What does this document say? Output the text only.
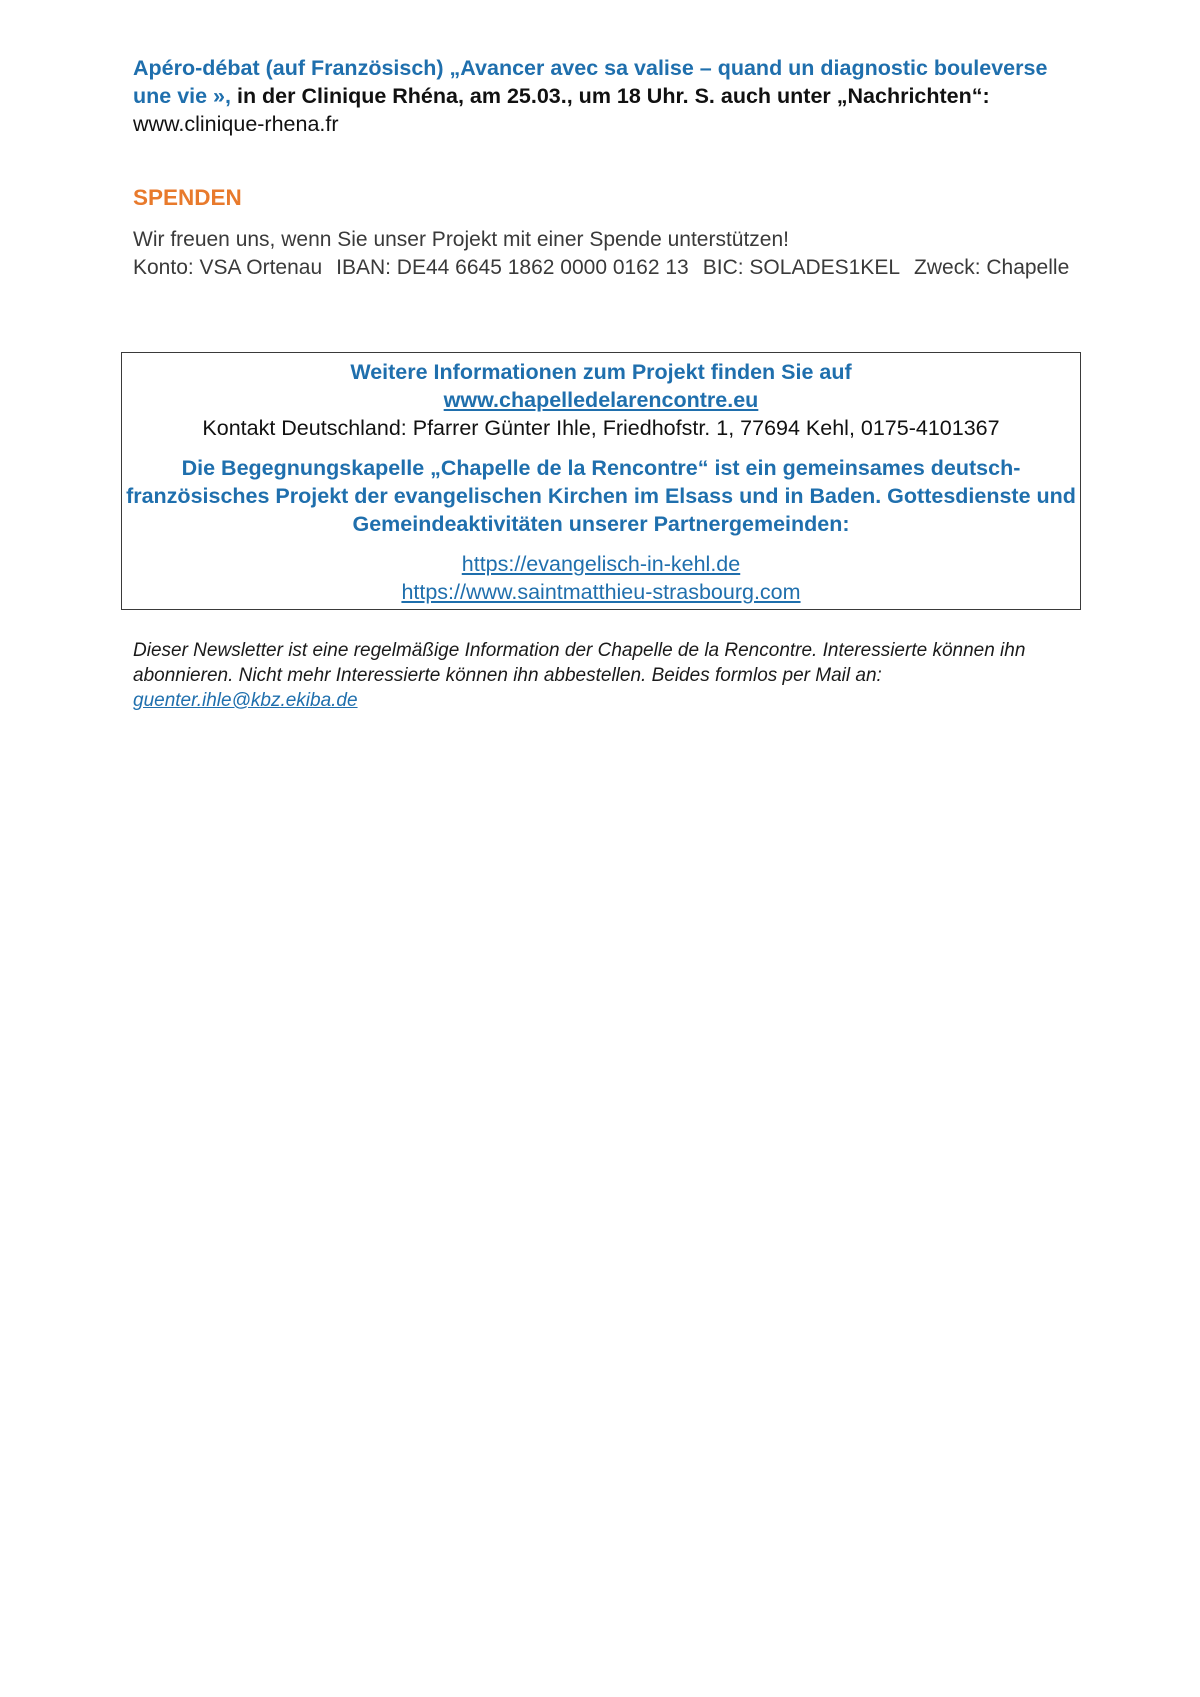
Apéro-débat (auf Französisch) „Avancer avec sa valise – quand un diagnostic bouleverse une vie », in der Clinique Rhéna, am 25.03., um 18 Uhr. S. auch unter „Nachrichten“: www.clinique-rhena.fr

SPENDEN

Wir freuen uns, wenn Sie unser Projekt mit einer Spende unterstützen!
Konto: VSA Ortenau IBAN: DE44 6645 1862 0000 0162 13 BIC: SOLADES1KEL Zweck: Chapelle

Weitere Informationen zum Projekt finden Sie auf

www.chapelledelarencontre.eu

Kontakt Deutschland: Pfarrer Günter Ihle, Friedhofstr. 1, 77694 Kehl, 0175-4101367

Die Begegnungskapelle „Chapelle de la Rencontre“ ist ein gemeinsames deutsch-französisches Projekt der evangelischen Kirchen im Elsass und in Baden. Gottesdienste und Gemeindeaktivitäten unserer Partnergemeinden:

https://evangelisch-in-kehl.de
https://www.saintmatthieu-strasbourg.com

Dieser Newsletter ist eine regelmäßige Information der Chapelle de la Rencontre. Interessierte können ihn abonnieren. Nicht mehr Interessierte können ihn abbestellen. Beides formlos per Mail an:
guenter.ihle@kbz.ekiba.de
